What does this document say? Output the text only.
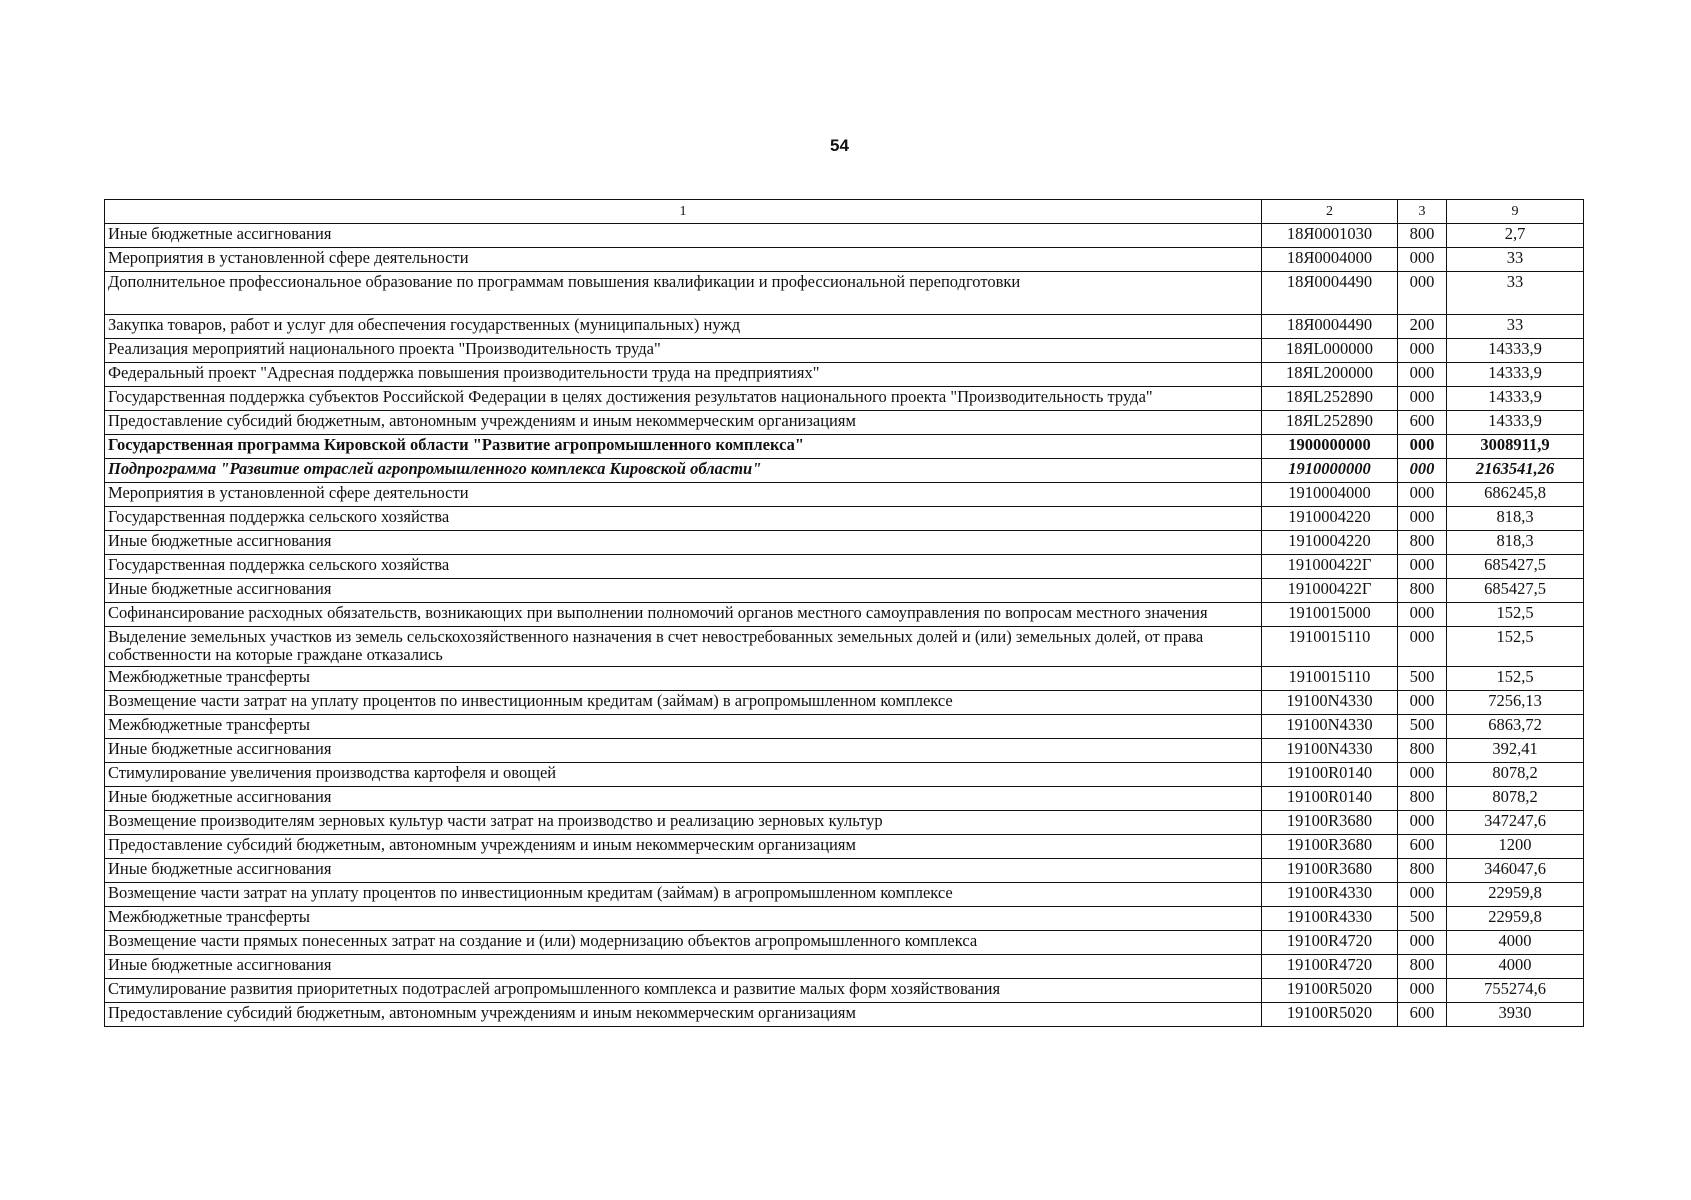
54
1	2	3	9
Иные бюджетные ассигнования	18Я0001030	800	2,7
Мероприятия в установленной сфере деятельности	18Я0004000	000	33
Дополнительное профессиональное образование по программам повышения квалификации и профессиональной переподготовки	18Я0004490	000	33
Закупка товаров, работ и услуг для обеспечения государственных (муниципальных) нужд	18Я0004490	200	33
Реализация мероприятий национального проекта "Производительность труда"	18ЯL000000	000	14333,9
Федеральный проект "Адресная поддержка повышения производительности труда на предприятиях"	18ЯL200000	000	14333,9
Государственная поддержка субъектов Российской Федерации в целях достижения результатов национального проекта "Производительность труда"	18ЯL252890	000	14333,9
Предоставление субсидий бюджетным, автономным учреждениям и иным некоммерческим организациям	18ЯL252890	600	14333,9
Государственная программа Кировской области "Развитие агропромышленного комплекса"	1900000000	000	3008911,9
Подпрограмма "Развитие отраслей агропромышленного комплекса Кировской области"	1910000000	000	2163541,26
Мероприятия в установленной сфере деятельности	1910004000	000	686245,8
Государственная поддержка сельского хозяйства	1910004220	000	818,3
Иные бюджетные ассигнования	1910004220	800	818,3
Государственная поддержка сельского хозяйства	191000422Г	000	685427,5
Иные бюджетные ассигнования	191000422Г	800	685427,5
Софинансирование расходных обязательств, возникающих при выполнении полномочий органов местного самоуправления по вопросам местного значения	1910015000	000	152,5
Выделение земельных участков из земель сельскохозяйственного назначения в счет невостребованных земельных долей и (или) земельных долей, от права собственности на которые граждане отказались	1910015110	000	152,5
Межбюджетные трансферты	1910015110	500	152,5
Возмещение части затрат на уплату процентов по инвестиционным кредитам (займам) в агропромышленном комплексе	19100N4330	000	7256,13
Межбюджетные трансферты	19100N4330	500	6863,72
Иные бюджетные ассигнования	19100N4330	800	392,41
Стимулирование увеличения производства картофеля и овощей	19100R0140	000	8078,2
Иные бюджетные ассигнования	19100R0140	800	8078,2
Возмещение производителям зерновых культур части затрат на производство и реализацию зерновых культур	19100R3680	000	347247,6
Предоставление субсидий бюджетным, автономным учреждениям и иным некоммерческим организациям	19100R3680	600	1200
Иные бюджетные ассигнования	19100R3680	800	346047,6
Возмещение части затрат на уплату процентов по инвестиционным кредитам (займам) в агропромышленном комплексе	19100R4330	000	22959,8
Межбюджетные трансферты	19100R4330	500	22959,8
Возмещение части прямых понесенных затрат на создание и (или) модернизацию объектов агропромышленного комплекса	19100R4720	000	4000
Иные бюджетные ассигнования	19100R4720	800	4000
Стимулирование развития приоритетных подотраслей агропромышленного комплекса и развитие малых форм хозяйствования	19100R5020	000	755274,6
Предоставление субсидий бюджетным, автономным учреждениям и иным некоммерческим организациям	19100R5020	600	3930
